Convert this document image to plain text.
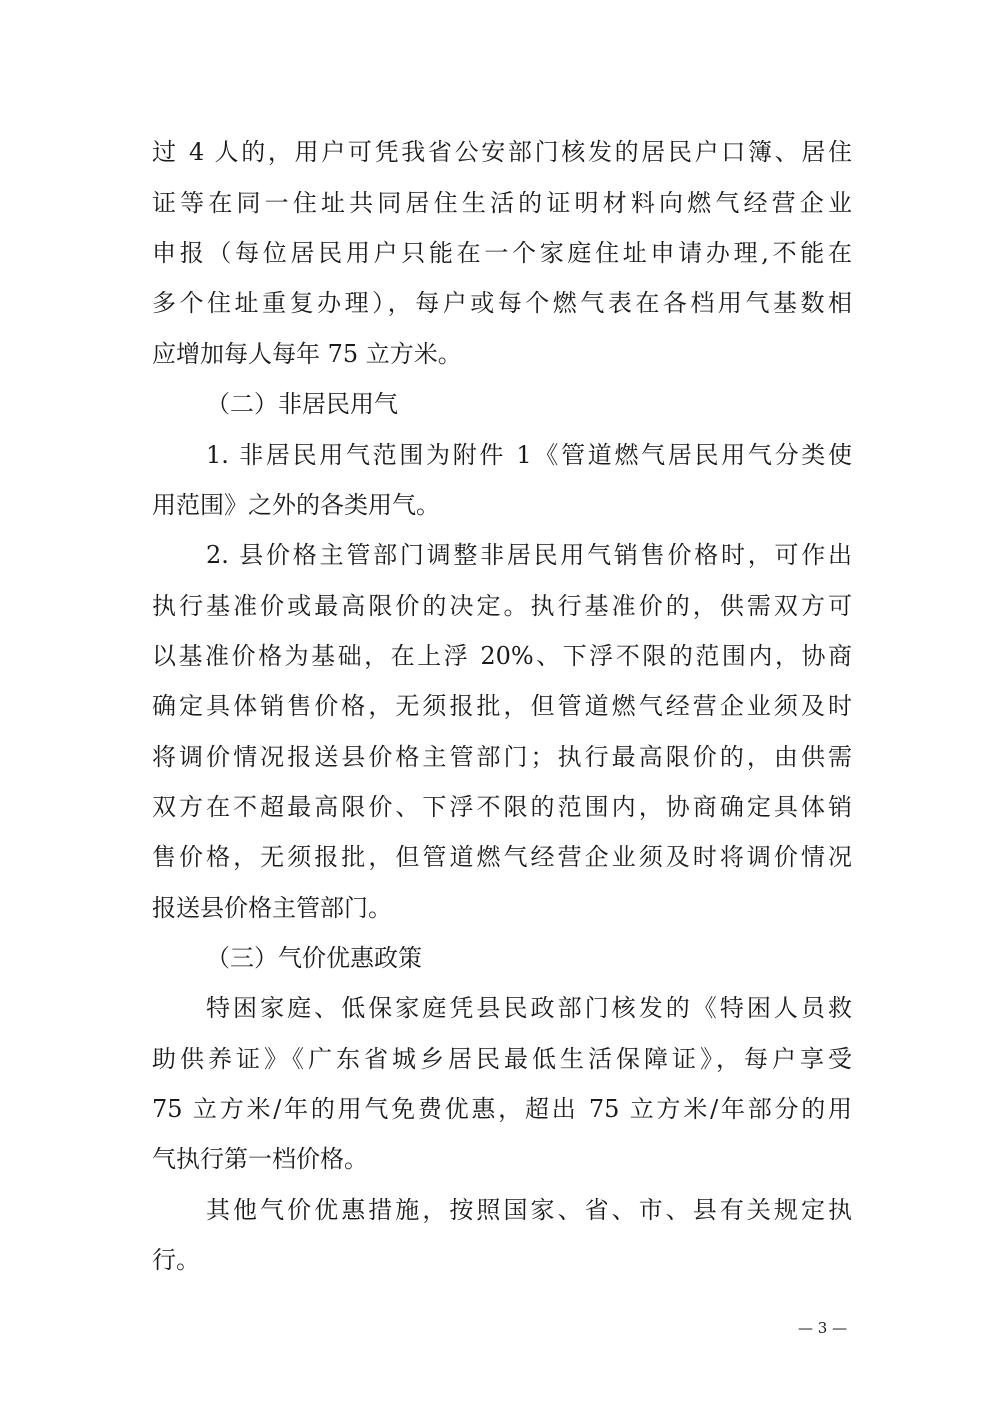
过 4 人的，用户可凭我省公安部门核发的居民户口簿、居住

证等在同一住址共同居住生活的证明材料向燃气经营企业

申报（每位居民用户只能在一个家庭住址申请办理,不能在

多个住址重复办理），每户或每个燃气表在各档用气基数相

应增加每人每年 75 立方米。

（二）非居民用气

1. 非居民用气范围为附件 1《管道燃气居民用气分类使

用范围》之外的各类用气。

2. 县价格主管部门调整非居民用气销售价格时，可作出

执行基准价或最高限价的决定。执行基准价的，供需双方可

以基准价格为基础，在上浮 20%、下浮不限的范围内，协商

确定具体销售价格，无须报批，但管道燃气经营企业须及时

将调价情况报送县价格主管部门；执行最高限价的，由供需

双方在不超最高限价、下浮不限的范围内，协商确定具体销

售价格，无须报批，但管道燃气经营企业须及时将调价情况

报送县价格主管部门。

（三）气价优惠政策

特困家庭、低保家庭凭县民政部门核发的《特困人员救

助供养证》《广东省城乡居民最低生活保障证》，每户享受

75 立方米/年的用气免费优惠，超出 75 立方米/年部分的用

气执行第一档价格。

其他气价优惠措施，按照国家、省、市、县有关规定执

行。

— 3 —
